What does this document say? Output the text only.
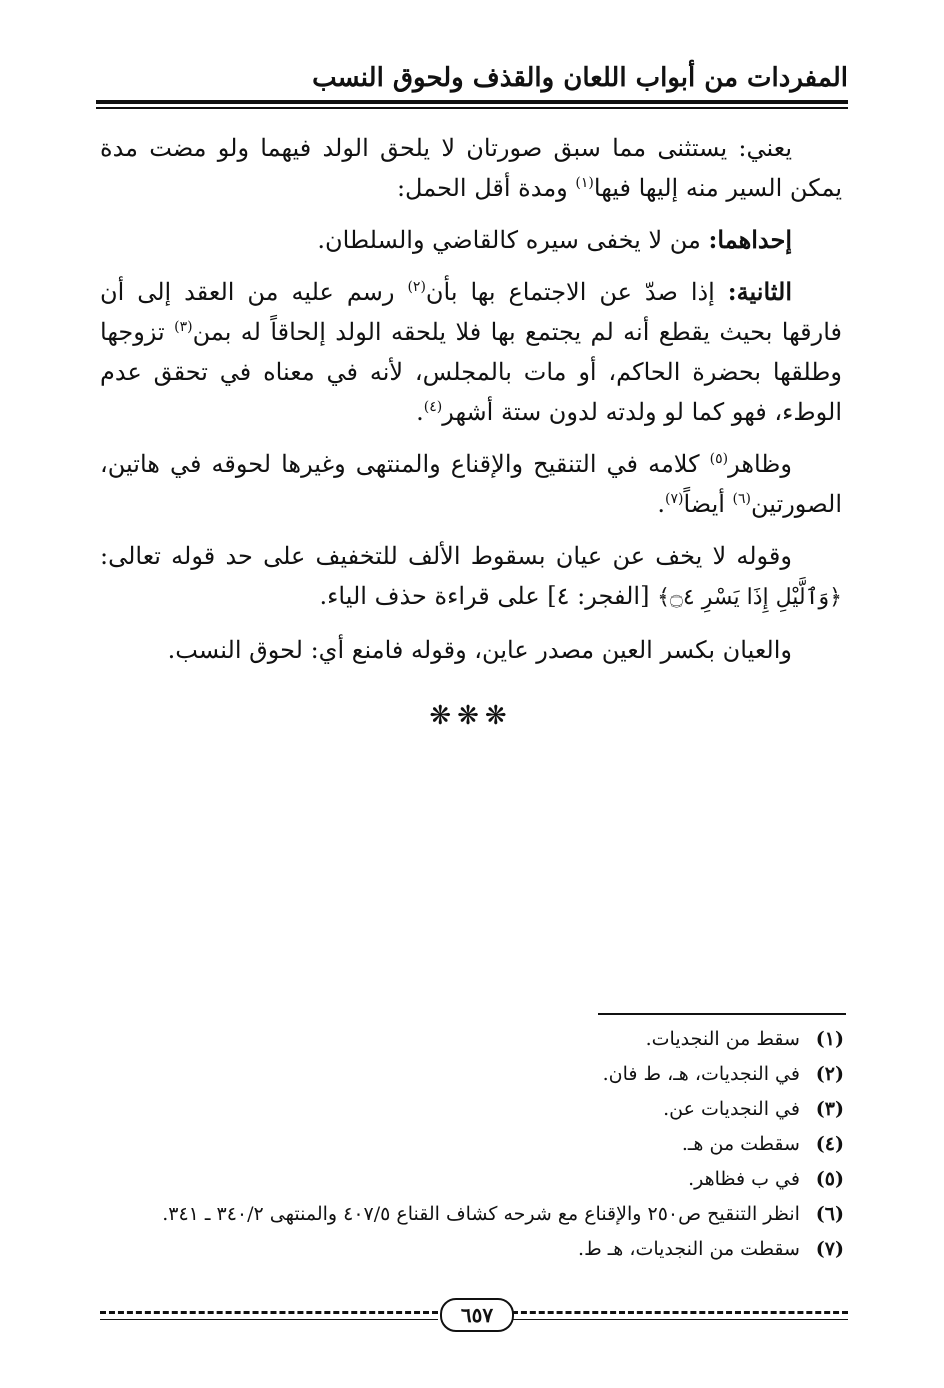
المفردات من أبواب اللعان والقذف ولحوق النسب

يعني: يستثنى مما سبق صورتان لا يلحق الولد فيهما ولو مضت مدة يمكن السير منه إليها فيها$^{(١)}$ ومدة أقل الحمل:

إحداهما: من لا يخفى سيره كالقاضي والسلطان.

الثانية: إذا صدّ عن الاجتماع بها بأن$^{(٢)}$ رسم عليه من العقد إلى أن فارقها بحيث يقطع أنه لم يجتمع بها فلا يلحقه الولد إلحاقاً له بمن$^{(٣)}$ تزوجها وطلقها بحضرة الحاكم، أو مات بالمجلس، لأنه في معناه في تحقق عدم الوطء، فهو كما لو ولدته لدون ستة أشهر$^{(٤)}$.

وظاهر$^{(٥)}$ كلامه في التنقيح والإقناع والمنتهى وغيرها لحوقه في هاتين، الصورتين$^{(٦)}$ أيضاً$^{(٧)}$.

وقوله لا يخف عن عيان بسقوط الألف للتخفيف على حد قوله تعالى: ﴿وَٱلَّيْلِ إِذَا يَسْرِ ۝٤﴾ [الفجر: ٤] على قراءة حذف الياء.

والعيان بكسر العين مصدر عاين، وقوله فامنع أي: لحوق النسب.

❋❋❋
(١) سقط من النجديات.
(٢) في النجديات، هـ، ط فان.
(٣) في النجديات عن.
(٤) سقطت من هـ.
(٥) في ب فظاهر.
(٦) انظر التنقيح ص٢٥٠ والإقناع مع شرحه كشاف القناع ٤٠٧/٥ والمنتهى ٣٤٠/٢ ـ ٣٤١.
(٧) سقطت من النجديات، هـ ط.
٦٥٧
